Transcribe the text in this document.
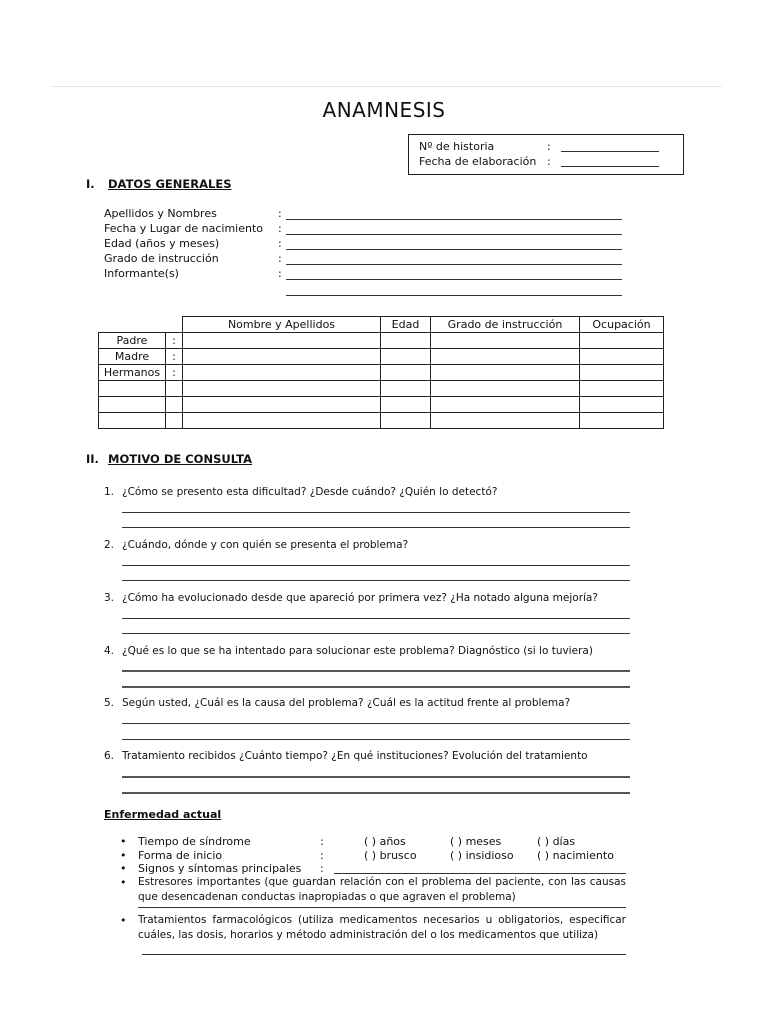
ANAMNESIS
Nº de historia	:
Fecha de elaboración :
I. DATOS GENERALES
Apellidos y Nombres	:
Fecha y Lugar de nacimiento :
Edad (años y meses)	:
Grado de instrucción	:
Informante(s)	:
		Nombre y Apellidos	Edad	Grado de instrucción	Ocupación
Padre	:				
Madre	:				
Hermanos	:				

II. MOTIVO DE CONSULTA
1. ¿Cómo se presento esta dificultad? ¿Desde cuándo? ¿Quién lo detectó?
2. ¿Cuándo, dónde y con quién se presenta el problema?
3. ¿Cómo ha evolucionado desde que apareció por primera vez? ¿Ha notado alguna mejoría?
4. ¿Qué es lo que se ha intentado para solucionar este problema? Diagnóstico (si lo tuviera)
5. Según usted, ¿Cuál es la causa del problema? ¿Cuál es la actitud frente al problema?
6. Tratamiento recibidos ¿Cuánto tiempo? ¿En qué instituciones? Evolución del tratamiento
Enfermedad actual
• Tiempo de síndrome	:	( ) años	( ) meses	( ) días
• Forma de inicio	:	( ) brusco	( ) insidioso ( ) nacimiento
• Signos y síntomas principales :
• Estresores importantes (que guardan relación con el problema del paciente, con las causas que desencadenan conductas inapropiadas o que agraven el problema)
• Tratamientos farmacológicos (utiliza medicamentos necesarios u obligatorios, especificar cuáles, las dosis, horarios y método administración del o los medicamentos que utiliza)
